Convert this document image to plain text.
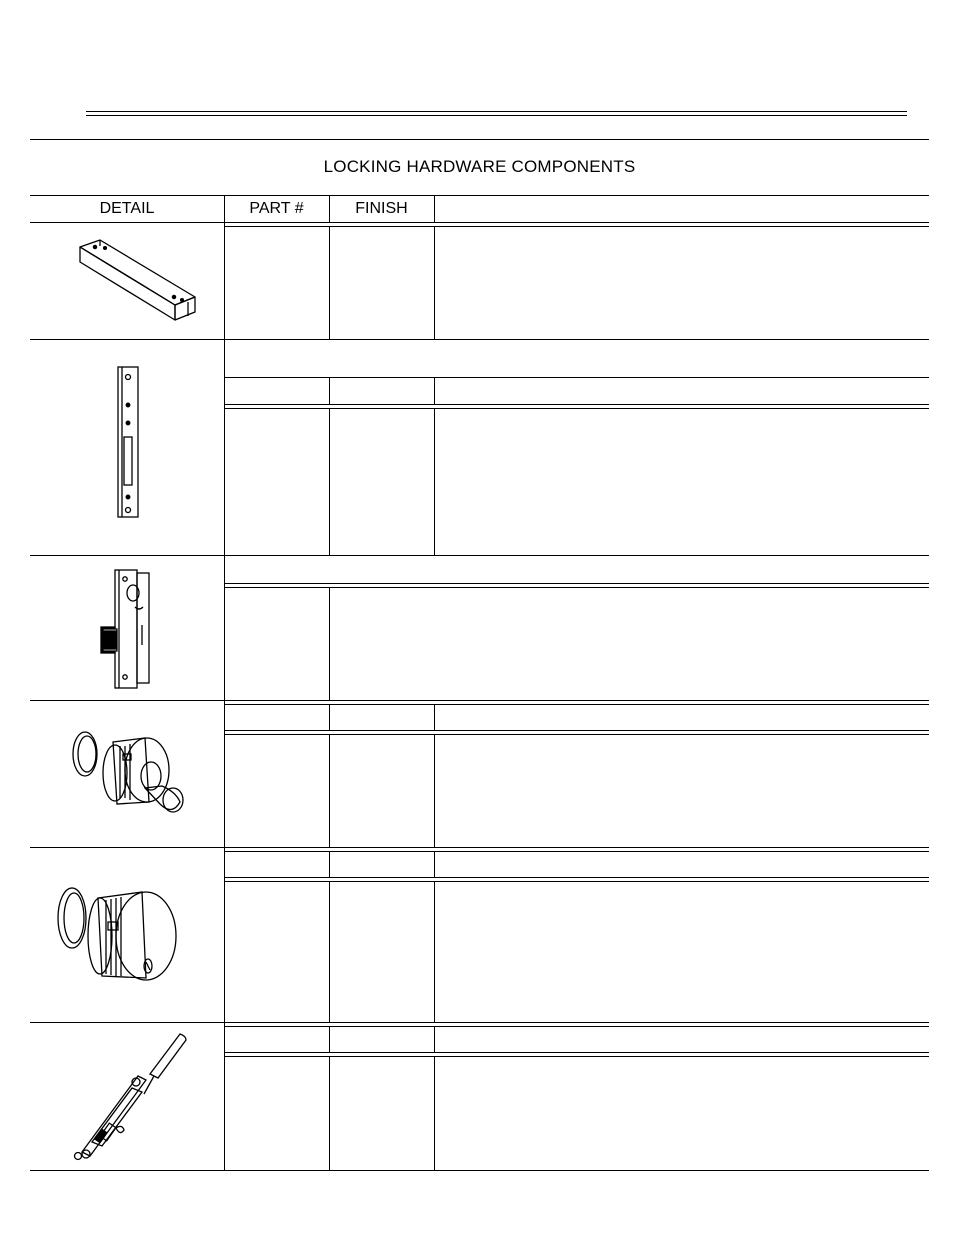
LOCKING HARDWARE COMPONENTS
DETAIL	PART #	FINISH
